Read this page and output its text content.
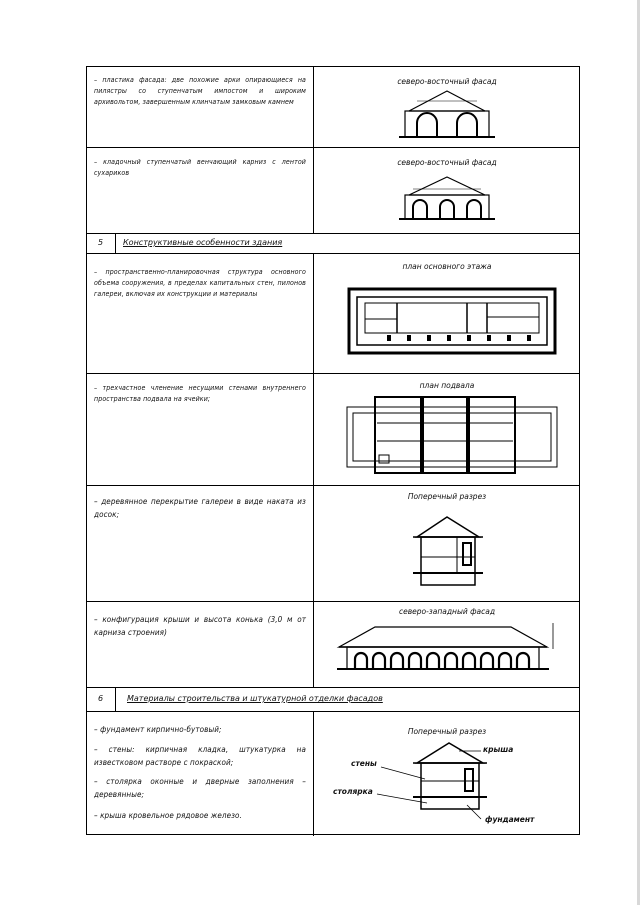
– пластика фасада: две похожие арки опирающиеся на пилястры со ступенчатым импостом и широким архивольтом, завершенным клинчатым замковым камнем
северо-восточный фасад
– кладочный ступенчатый венчающий карниз с лентой сухариков
северо-восточный фасад
5 Конструктивные особенности здания
– пространственно-планировочная структура основного объема сооружения, в пределах капитальных стен, пилонов галереи, включая их конструкции и материалы
план основного этажа
– трехчастное членение несущими стенами внутреннего пространства подвала на ячейки;
план подвала
– деревянное перекрытие галереи в виде наката из досок;
Поперечный разрез
– конфигурация крыши и высота конька (3,0 м от карниза строения)
северо-западный фасад
6	Материалы строительства и штукатурной отделки фасадов
– фундамент кирпично-бутовый;
– стены: кирпичная кладка, штукатурка на известковом растворе с покраской;
– столярка оконные и дверные заполнения – деревянные;
– крыша кровельное рядовое железо.
Поперечный разрез
стены
крыша
столярка
фундамент
